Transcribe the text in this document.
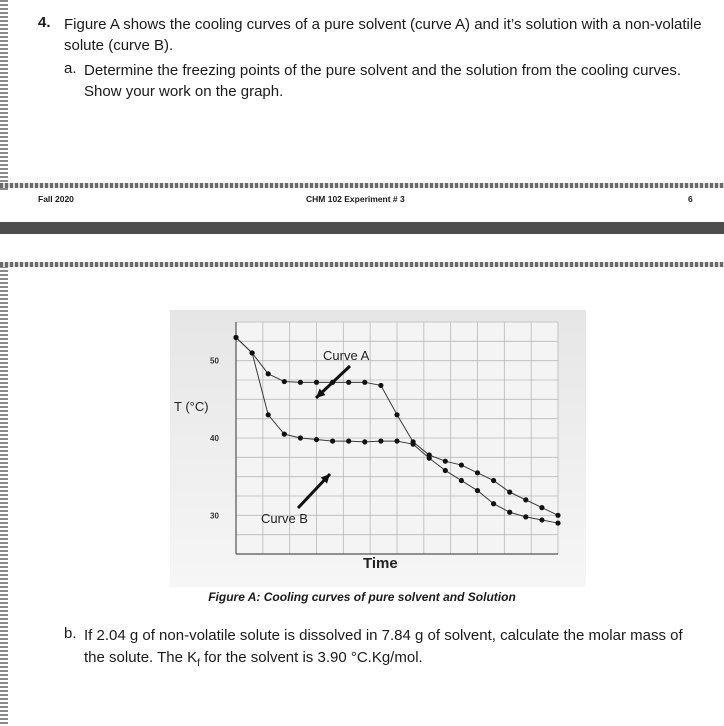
4. Figure A shows the cooling curves of a pure solvent (curve A) and it’s solution with a non-volatile solute (curve B).
a. Determine the freezing points of the pure solvent and the solution from the cooling curves. Show your work on the graph.
Fall 2020	CHM 102 Experiment # 3	6
50
40
30
T (°C)
Time
Curve A
Curve B
Figure A: Cooling curves of pure solvent and Solution
b. If 2.04 g of non-volatile solute is dissolved in 7.84 g of solvent, calculate the molar mass of the solute. The $K_f$ for the solvent is 3.90 °C.Kg/mol.
